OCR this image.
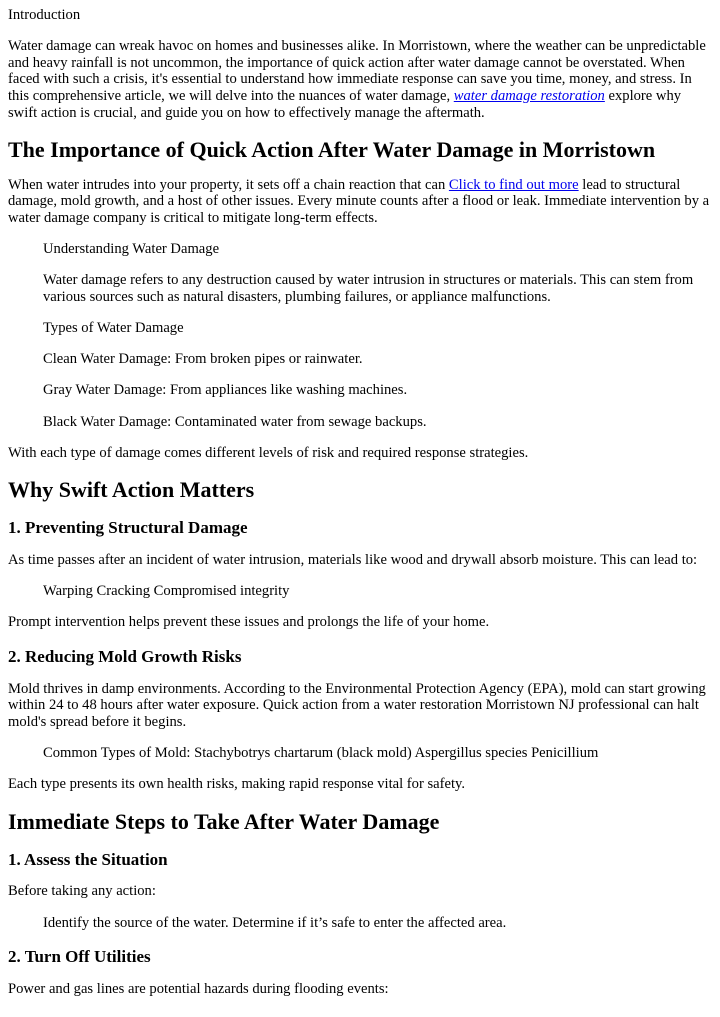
Introduction

Water damage can wreak havoc on homes and businesses alike. In Morristown, where the weather can be unpredictable and heavy rainfall is not uncommon, the importance of quick action after water damage cannot be overstated. When faced with such a crisis, it's essential to understand how immediate response can save you time, money, and stress. In this comprehensive article, we will delve into the nuances of water damage, water damage restoration explore why swift action is crucial, and guide you on how to effectively manage the aftermath.

The Importance of Quick Action After Water Damage in Morristown

When water intrudes into your property, it sets off a chain reaction that can Click to find out more lead to structural damage, mold growth, and a host of other issues. Every minute counts after a flood or leak. Immediate intervention by a water damage company is critical to mitigate long-term effects.

Understanding Water Damage

Water damage refers to any destruction caused by water intrusion in structures or materials. This can stem from various sources such as natural disasters, plumbing failures, or appliance malfunctions.

Types of Water Damage

Clean Water Damage: From broken pipes or rainwater.

Gray Water Damage: From appliances like washing machines.

Black Water Damage: Contaminated water from sewage backups.

With each type of damage comes different levels of risk and required response strategies.

Why Swift Action Matters
1. Preventing Structural Damage

As time passes after an incident of water intrusion, materials like wood and drywall absorb moisture. This can lead to:

Warping Cracking Compromised integrity

Prompt intervention helps prevent these issues and prolongs the life of your home.

2. Reducing Mold Growth Risks

Mold thrives in damp environments. According to the Environmental Protection Agency (EPA), mold can start growing within 24 to 48 hours after water exposure. Quick action from a water restoration Morristown NJ professional can halt mold's spread before it begins.

Common Types of Mold: Stachybotrys chartarum (black mold) Aspergillus species Penicillium

Each type presents its own health risks, making rapid response vital for safety.

Immediate Steps to Take After Water Damage
1. Assess the Situation

Before taking any action:

Identify the source of the water. Determine if it’s safe to enter the affected area.

2. Turn Off Utilities

Power and gas lines are potential hazards during flooding events:
